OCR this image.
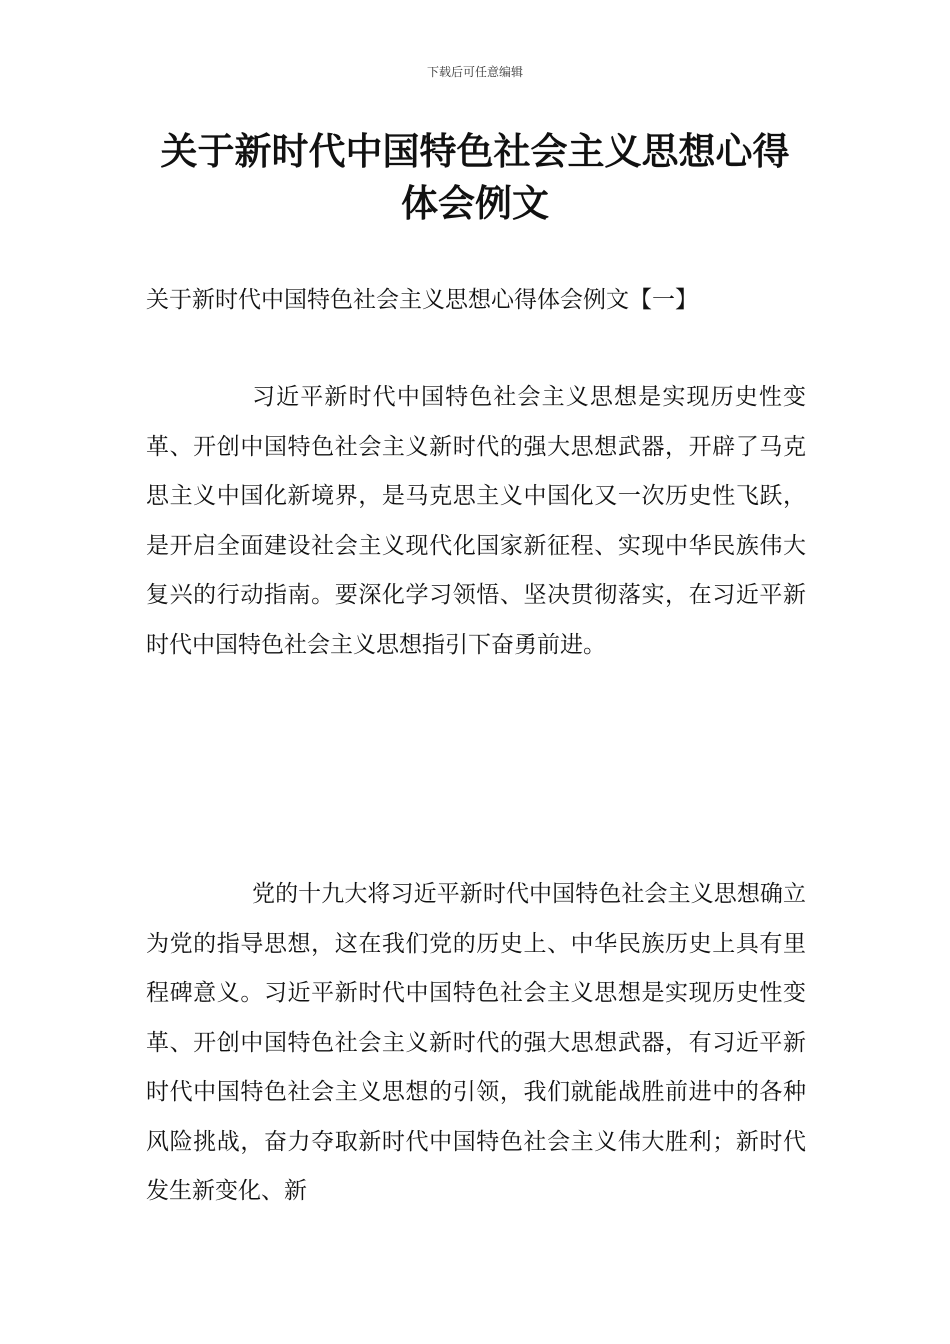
下载后可任意编辑
关于新时代中国特色社会主义思想心得体会例文
关于新时代中国特色社会主义思想心得体会例文【一】

习近平新时代中国特色社会主义思想是实现历史性变革、开创中国特色社会主义新时代的强大思想武器，开辟了马克思主义中国化新境界，是马克思主义中国化又一次历史性飞跃，是开启全面建设社会主义现代化国家新征程、实现中华民族伟大复兴的行动指南。要深化学习领悟、坚决贯彻落实，在习近平新时代中国特色社会主义思想指引下奋勇前进。

党的十九大将习近平新时代中国特色社会主义思想确立为党的指导思想，这在我们党的历史上、中华民族历史上具有里程碑意义。习近平新时代中国特色社会主义思想是实现历史性变革、开创中国特色社会主义新时代的强大思想武器，有习近平新时代中国特色社会主义思想的引领，我们就能战胜前进中的各种风险挑战，奋力夺取新时代中国特色社会主义伟大胜利；新时代发生新变化、新
